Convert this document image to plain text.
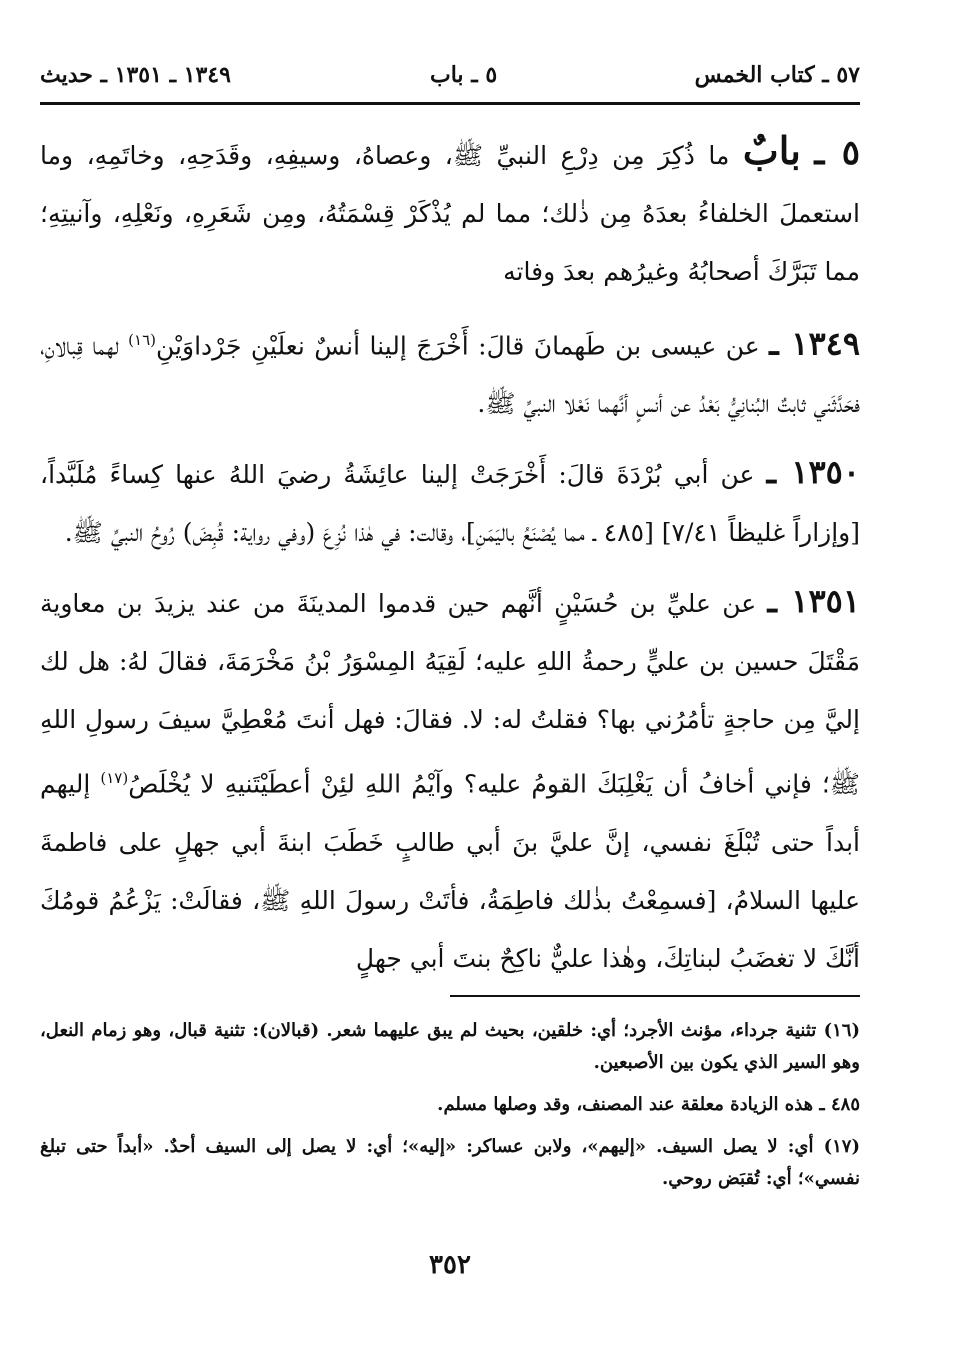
٥٧ ـ كتاب الخمس
٥ ـ باب
١٣٤٩ ـ ١٣٥١ ـ حديث

٥ ـ بابٌ ما ذُكِرَ مِن دِرْعِ النبيِّ ﷺ، وعصاهُ، وسيفِهِ، وقَدَحِهِ، وخاتَمِهِ، وما استعملَ الخلفاءُ بعدَهُ مِن ذٰلك؛ مما لم يُذْكَرْ قِسْمَتُهُ، ومِن شَعَرِهِ، ونَعْلِهِ، وآنيتِهِ؛ مما تَبَرَّكَ أصحابُهُ وغيرُهم بعدَ وفاته

١٣٤٩ ـ عن عيسى بن طَهمانَ قالَ: أَخْرَجَ إلينا أنسٌ نعلَيْنِ جَرْداوَيْنِ$^{(١٦)}$ لهما قِبالانِ، فحَدَّثَني ثابتٌ البُنانِيُّ بَعْدُ عن أنسٍ أنَّهما نَعْلا النبيِّ ﷺ.

١٣٥٠ ـ عن أبي بُرْدَةَ قالَ: أَخْرَجَتْ إلينا عائِشَةُ رضيَ اللهُ عنها كِساءً مُلَبَّداً، [وإزاراً غليظاً ٧/٤١] [٤٨٥ ـ مما يُصْنَعُ باليَمَنِ]، وقالت: في هٰذا نُزِعَ (وفي رواية: قُبِضَ) رُوحُ النبيِّ ﷺ.

١٣٥١ ـ عن عليِّ بن حُسَيْنٍ أنَّهم حين قدموا المدينَةَ من عند يزيدَ بن معاوية مَقْتَلَ حسين بن عليٍّ رحمةُ اللهِ عليه؛ لَقِيَهُ المِسْوَرُ بْنُ مَخْرَمَةَ، فقالَ لهُ: هل لك إليَّ مِن حاجةٍ تأمُرُني بها؟ فقلتُ له: لا. فقالَ: فهل أنتَ مُعْطِيَّ سيفَ رسولِ اللهِ ﷺ؛ فإني أخافُ أن يَغْلِبَكَ القومُ عليه؟ وآيْمُ اللهِ لئِنْ أعطَيْتَنيهِ لا يُخْلَصُ$^{(١٧)}$ إليهم أبداً حتى تُبْلَغَ نفسي، إنَّ عليَّ بنَ أبي طالبٍ خَطَبَ ابنةَ أبي جهلٍ على فاطمةَ عليها السلامُ، [فسمِعْتُ بذٰلك فاطِمَةُ، فأتَتْ رسولَ اللهِ ﷺ، فقالَتْ: يَزْعُمُ قومُكَ أنَّكَ لا تغضَبُ لبناتِكَ، وهٰذا عليٌّ ناكِحٌ بنتَ أبي جهلٍ

(١٦) تثنية جرداء، مؤنث الأجرد؛ أي: خلقين، بحيث لم يبق عليهما شعر. (قبالان): تثنية قبال، وهو زمام النعل، وهو السير الذي يكون بين الأصبعين.

٤٨٥ ـ هذه الزيادة معلقة عند المصنف، وقد وصلها مسلم.

(١٧) أي: لا يصل السيف. «إليهم»، ولابن عساكر: «إليه»؛ أي: لا يصل إلى السيف أحدٌ. «أبداً حتى تبلغ نفسي»؛ أي: تُقبَض روحي.

٣٥٢
